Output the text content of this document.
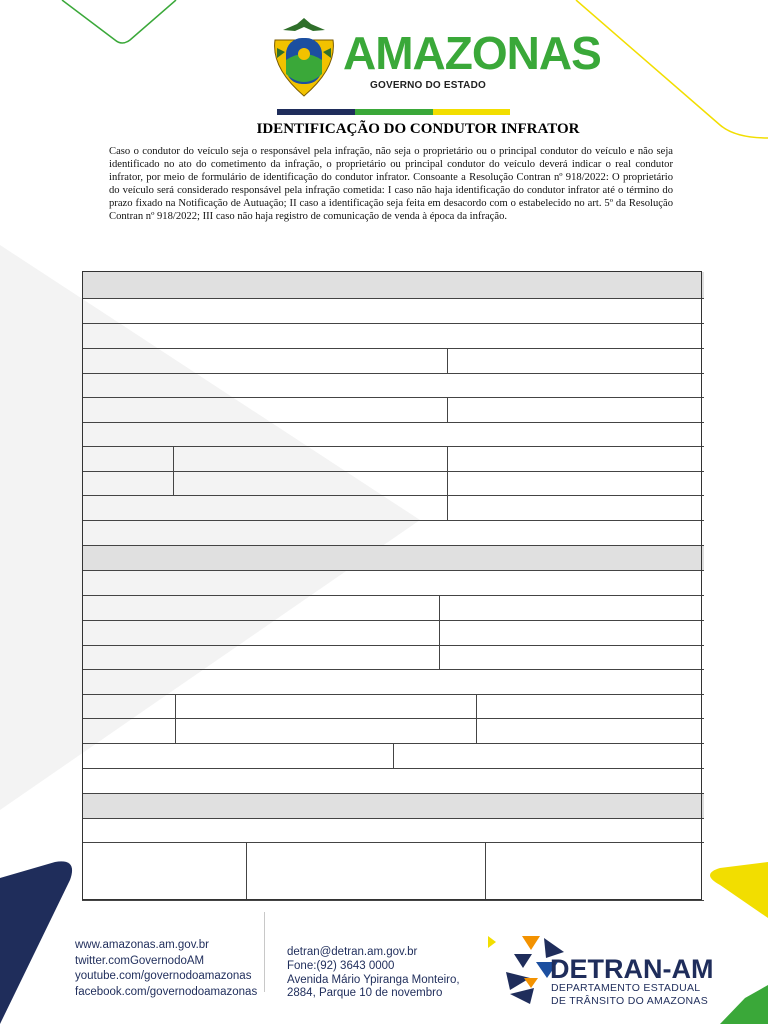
AMAZONAS
GOVERNO DO ESTADO
IDENTIFICAÇÃO DO CONDUTOR INFRATOR
Caso o condutor do veículo seja o responsável pela infração, não seja o proprietário ou o principal condutor do veículo e não seja identificado no ato do cometimento da infração, o proprietário ou principal condutor do veículo deverá indicar o real condutor infrator, por meio de formulário de identificação do condutor infrator. Consoante a Resolução Contran nº 918/2022: O proprietário do veículo será considerado responsável pela infração cometida: I caso não haja identificação do condutor infrator até o término do prazo fixado na Notificação de Autuação; II caso a identificação seja feita em desacordo com o estabelecido no art. 5º da Resolução Contran nº 918/2022; III caso não haja registro de comunicação de venda à época da infração.
www.amazonas.am.gov.br
twitter.comGovernodoAM
youtube.com/governodoamazonas
facebook.com/governodoamazonas
detran@detran.am.gov.br
Fone:(92) 3643 0000
Avenida Mário Ypiranga Monteiro, 2884, Parque 10 de novembro
DETRAN-AM
DEPARTAMENTO ESTADUAL
DE TRÂNSITO DO AMAZONAS
